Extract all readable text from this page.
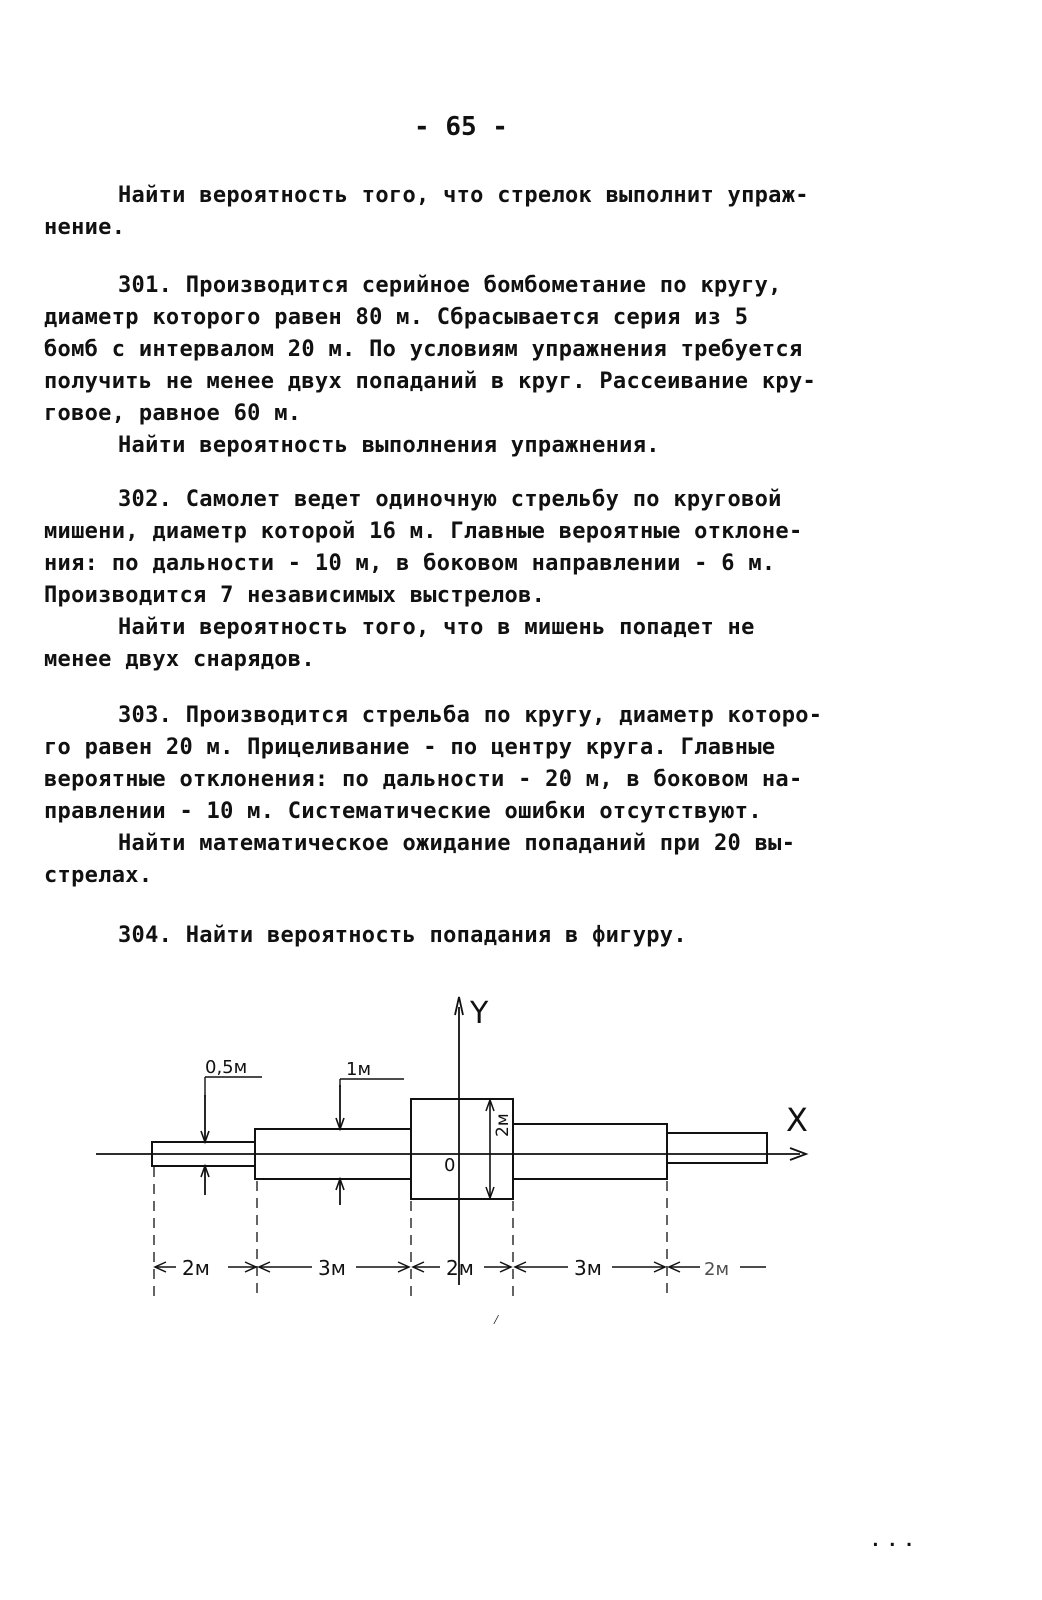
- 65 -
Найти вероятность того, что стрелок выполнит упраж-
нение.
301. Производится серийное бомбометание по кругу,
диаметр которого равен 80 м. Сбрасывается серия из 5
бомб с интервалом 20 м. По условиям упражнения требуется
получить не менее двух попаданий в круг. Рассеивание кру-
говое, равное 60 м.
Найти вероятность выполнения упражнения.
302. Самолет ведет одиночную стрельбу по круговой
мишени, диаметр которой 16 м. Главные вероятные отклоне-
ния: по дальности - 10 м, в боковом направлении - 6 м.
Производится 7 независимых выстрелов.
Найти вероятность того, что в мишень попадет не
менее двух снарядов.
303. Производится стрельба по кругу, диаметр которо-
го равен 20 м. Прицеливание - по центру круга. Главные
вероятные отклонения: по дальности - 20 м, в боковом на-
правлении - 10 м. Систематические ошибки отсутствуют.
Найти математическое ожидание попаданий при 20 вы-
стрелах.
304. Найти вероятность попадания в фигуру.
X
Y
0
0,5м	1м
2м
2м	3м	2м	3м	2м
⁄
...
